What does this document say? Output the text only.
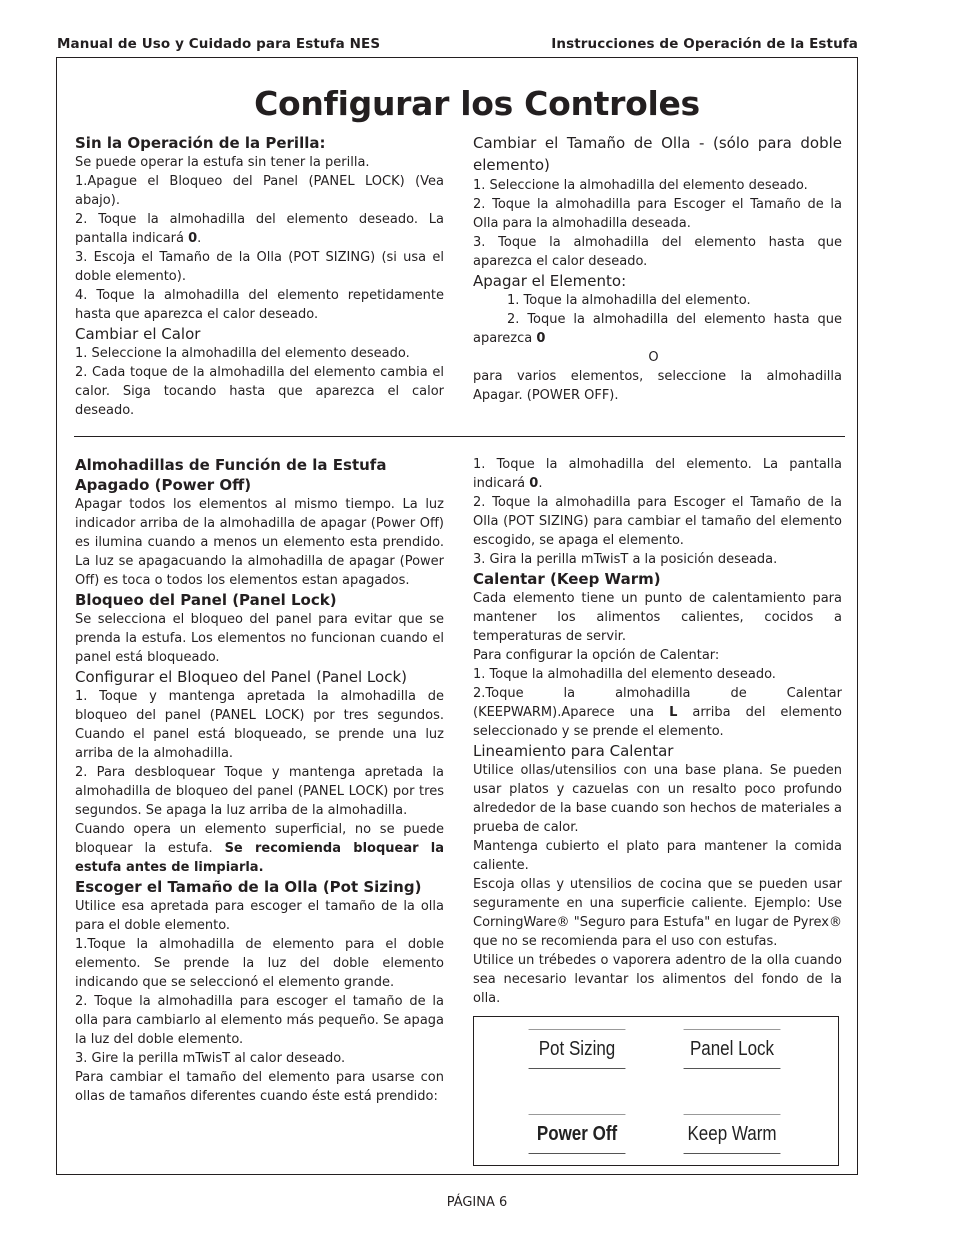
Manual de Uso y Cuidado para Estufa NES	Instrucciones de Operación de la Estufa
Configurar los Controles

Sin la Operación de la Perilla:

Se puede operar la estufa sin tener la perilla.

1.Apague el Bloqueo del Panel (PANEL LOCK) (Vea abajo).

2. Toque la almohadilla del elemento deseado. La pantalla indicará 0.

3. Escoja el Tamaño de la Olla (POT SIZING) (si usa el doble elemento).

4. Toque la almohadilla del elemento repetidamente hasta que aparezca el calor deseado.

Cambiar el Calor

1. Seleccione la almohadilla del elemento deseado.

2. Cada toque de la almohadilla del elemento cambia el calor. Siga tocando hasta que aparezca el calor deseado.

Cambiar el Tamaño de Olla - (sólo para doble elemento)

1. Seleccione la almohadilla del elemento deseado.

2. Toque la almohadilla para Escoger el Tamaño de la Olla para la almohadilla deseada.

3. Toque la almohadilla del elemento hasta que aparezca el calor deseado.

Apagar el Elemento:

1. Toque la almohadilla del elemento.

2. Toque la almohadilla del elemento hasta que aparezca 0

O

para varios elementos, seleccione la almohadilla Apagar. (POWER OFF).

Almohadillas de Función de la Estufa

Apagado (Power Off)

Apagar todos los elementos al mismo tiempo. La luz indicador arriba de la almohadilla de apagar (Power Off) es ilumina cuando a menos un elemento esta prendido. La luz se apagacuando la almohadilla de apagar (Power Off) es toca o todos los elementos estan apagados.

Bloqueo del Panel (Panel Lock)

Se selecciona el bloqueo del panel para evitar que se prenda la estufa. Los elementos no funcionan cuando el panel está bloqueado.

Configurar el Bloqueo del Panel (Panel Lock)

1. Toque y mantenga apretada la almohadilla de bloqueo del panel (PANEL LOCK) por tres segundos. Cuando el panel está bloqueado, se prende una luz arriba de la almohadilla.

2. Para desbloquear Toque y mantenga apretada la almohadilla de bloqueo del panel (PANEL LOCK) por tres segundos. Se apaga la luz arriba de la almohadilla.

Cuando opera un elemento superficial, no se puede bloquear la estufa. Se recomienda bloquear la estufa antes de limpiarla.

Escoger el Tamaño de la Olla (Pot Sizing)

Utilice esa apretada para escoger el tamaño de la olla para el doble elemento.

1.Toque la almohadilla de elemento para el doble elemento. Se prende la luz del doble elemento indicando que se seleccionó el elemento grande.

2. Toque la almohadilla para escoger el tamaño de la olla para cambiarlo al elemento más pequeño. Se apaga la luz del doble elemento.

3. Gire la perilla mTwisT al calor deseado.

Para cambiar el tamaño del elemento para usarse con ollas de tamaños diferentes cuando éste está prendido:

1. Toque la almohadilla del elemento. La pantalla indicará 0.

2. Toque la almohadilla para Escoger el Tamaño de la Olla (POT SIZING) para cambiar el tamaño del elemento escogido, se apaga el elemento.

3. Gira la perilla mTwisT a la posición deseada.

Calentar (Keep Warm)

Cada elemento tiene un punto de calentamiento para mantener los alimentos calientes, cocidos a temperaturas de servir.

Para configurar la opción de Calentar:

1. Toque la almohadilla del elemento deseado.

2.Toque la almohadilla de Calentar (KEEPWARM).Aparece una L arriba del elemento seleccionado y se prende el elemento.

Lineamiento para Calentar

Utilice ollas/utensilios con una base plana. Se pueden usar platos y cazuelas con un resalto poco profundo alrededor de la base cuando son hechos de materiales a prueba de calor.

Mantenga cubierto el plato para mantener la comida caliente.

Escoja ollas y utensilios de cocina que se pueden usar seguramente en una superficie caliente. Ejemplo: Use CorningWare® "Seguro para Estufa" en lugar de Pyrex® que no se recomienda para el uso con estufas.

Utilice un trébedes o vaporera adentro de la olla cuando sea necesario levantar los alimentos del fondo de la olla.

Pot Sizing	Panel Lock
Power Off	Keep Warm
PÁGINA 6
